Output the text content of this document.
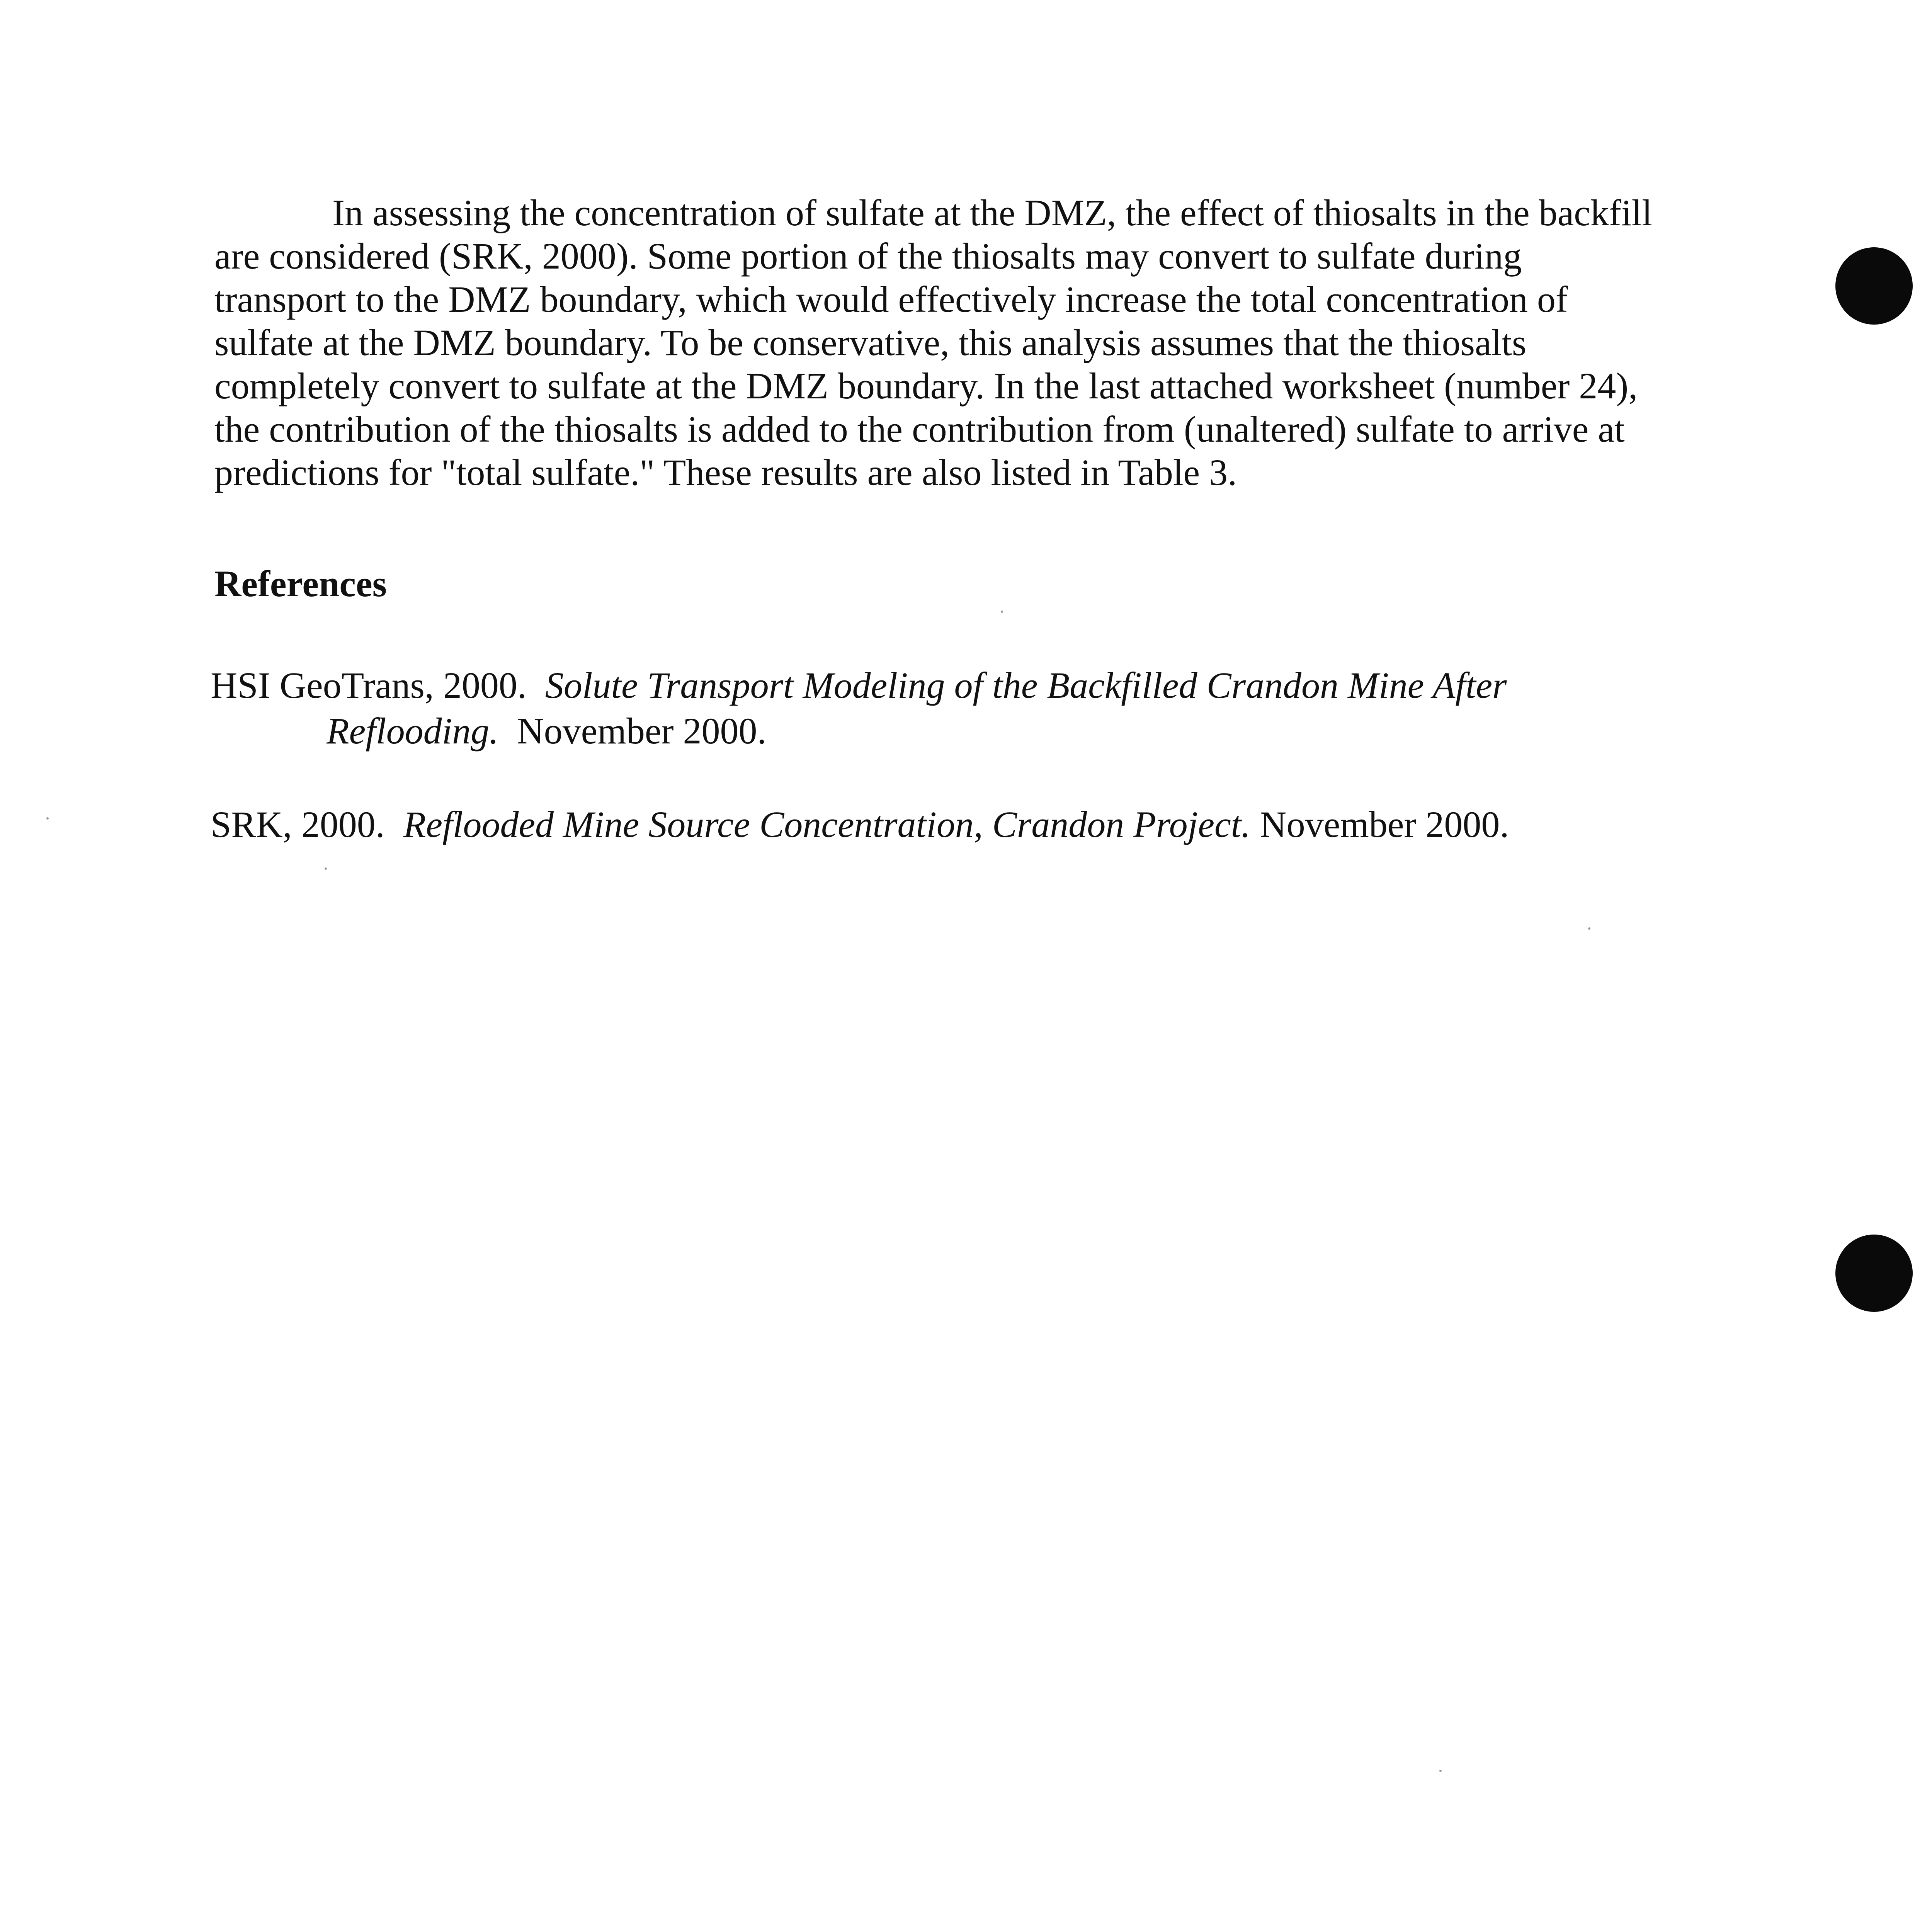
In assessing the concentration of sulfate at the DMZ, the effect of thiosalts in the backfill
are considered (SRK, 2000). Some portion of the thiosalts may convert to sulfate during
transport to the DMZ boundary, which would effectively increase the total concentration of
sulfate at the DMZ boundary. To be conservative, this analysis assumes that the thiosalts
completely convert to sulfate at the DMZ boundary. In the last attached worksheet (number 24),
the contribution of the thiosalts is added to the contribution from (unaltered) sulfate to arrive at
predictions for "total sulfate." These results are also listed in Table 3.

References

HSI GeoTrans, 2000. Solute Transport Modeling of the Backfilled Crandon Mine After
Reflooding. November 2000.

SRK, 2000. Reflooded Mine Source Concentration, Crandon Project. November 2000.
